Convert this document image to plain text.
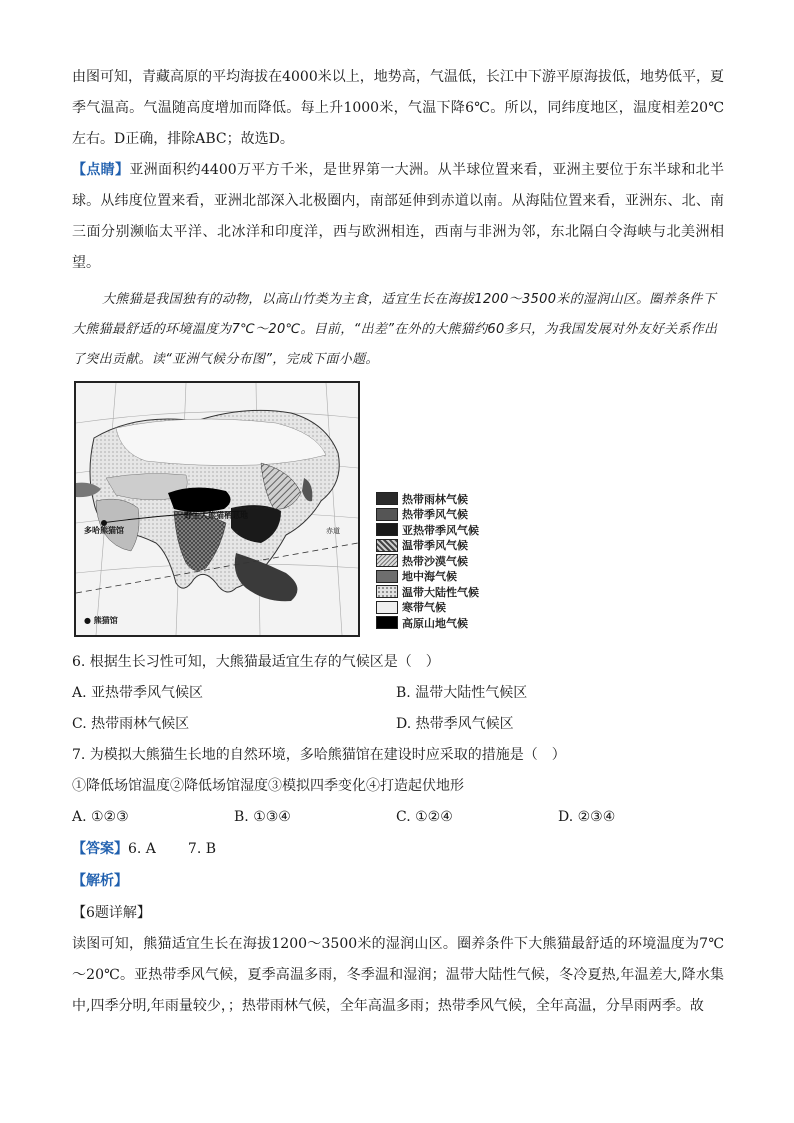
由图可知，青藏高原的平均海拔在4000米以上，地势高，气温低，长江中下游平原海拔低，地势低平，夏季气温高。气温随高度增加而降低。每上升1000米，气温下降6℃。所以，同纬度地区，温度相差20℃左右。D正确，排除ABC；故选D。

【点睛】亚洲面积约4400万平方千米，是世界第一大洲。从半球位置来看，亚洲主要位于东半球和北半球。从纬度位置来看，亚洲北部深入北极圈内，南部延伸到赤道以南。从海陆位置来看，亚洲东、北、南三面分别濒临太平洋、北冰洋和印度洋，西与欧洲相连，西南与非洲为邻，东北隔白令海峡与北美洲相望。

大熊猫是我国独有的动物，以高山竹类为主食，适宜生长在海拔1200～3500米的湿润山区。圈养条件下大熊猫最舒适的环境温度为7℃～20℃。目前，“出差”在外的大熊猫约60多只，为我国发展对外友好关系作出了突出贡献。读“亚洲气候分布图”，完成下面小题。

野生大熊猫栖息地
多哈熊猫馆	赤道
● 熊猫馆
热带雨林气候
热带季风气候
亚热带季风气候
温带季风气候
热带沙漠气候
地中海气候
温带大陆性气候
寒带气候
高原山地气候

6. 根据生长习性可知，大熊猫最适宜生存的气候区是（　）

A. 亚热带季风气候区	B. 温带大陆性气候区
C. 热带雨林气候区	D. 热带季风气候区

7. 为模拟大熊猫生长地的自然环境，多哈熊猫馆在建设时应采取的措施是（　）

①降低场馆温度②降低场馆湿度③模拟四季变化④打造起伏地形

A. ①②③	B. ①③④	C. ①②④	D. ②③④

【答案】6. A 7. B

【解析】

【6题详解】

读图可知，熊猫适宜生长在海拔1200～3500米的湿润山区。圈养条件下大熊猫最舒适的环境温度为7℃～20℃。亚热带季风气候，夏季高温多雨，冬季温和湿润；温带大陆性气候，冬冷夏热,年温差大,降水集中,四季分明,年雨量较少，；热带雨林气候，全年高温多雨；热带季风气候，全年高温，分旱雨两季。故
